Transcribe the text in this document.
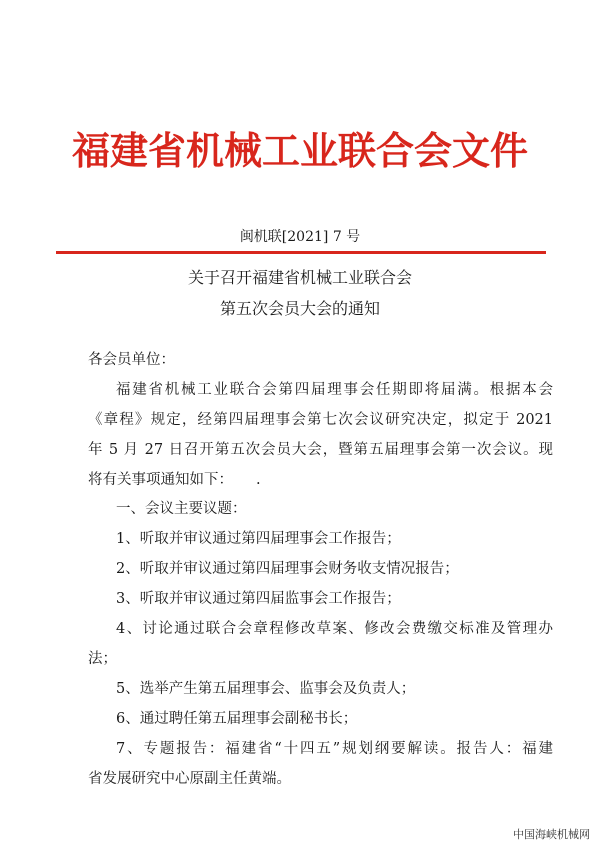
福建省机械工业联合会文件
闽机联[2021] 7 号
关于召开福建省机械工业联合会
第五次会员大会的通知
各会员单位：
福建省机械工业联合会第四届理事会任期即将届满。根据本会
《章程》规定，经第四届理事会第七次会议研究决定，拟定于 2021
年 5 月 27 日召开第五次会员大会，暨第五届理事会第一次会议。现
将有关事项通知如下：     .
一、会议主要议题：
1、听取并审议通过第四届理事会工作报告；
2、听取并审议通过第四届理事会财务收支情况报告；
3、听取并审议通过第四届监事会工作报告；
4、讨论通过联合会章程修改草案、修改会费缴交标准及管理办
法；
5、选举产生第五届理事会、监事会及负责人；
6、通过聘任第五届理事会副秘书长；
7、专题报告：福建省“十四五”规划纲要解读。报告人：福建
省发展研究中心原副主任黄端。
中国海峡机械网
